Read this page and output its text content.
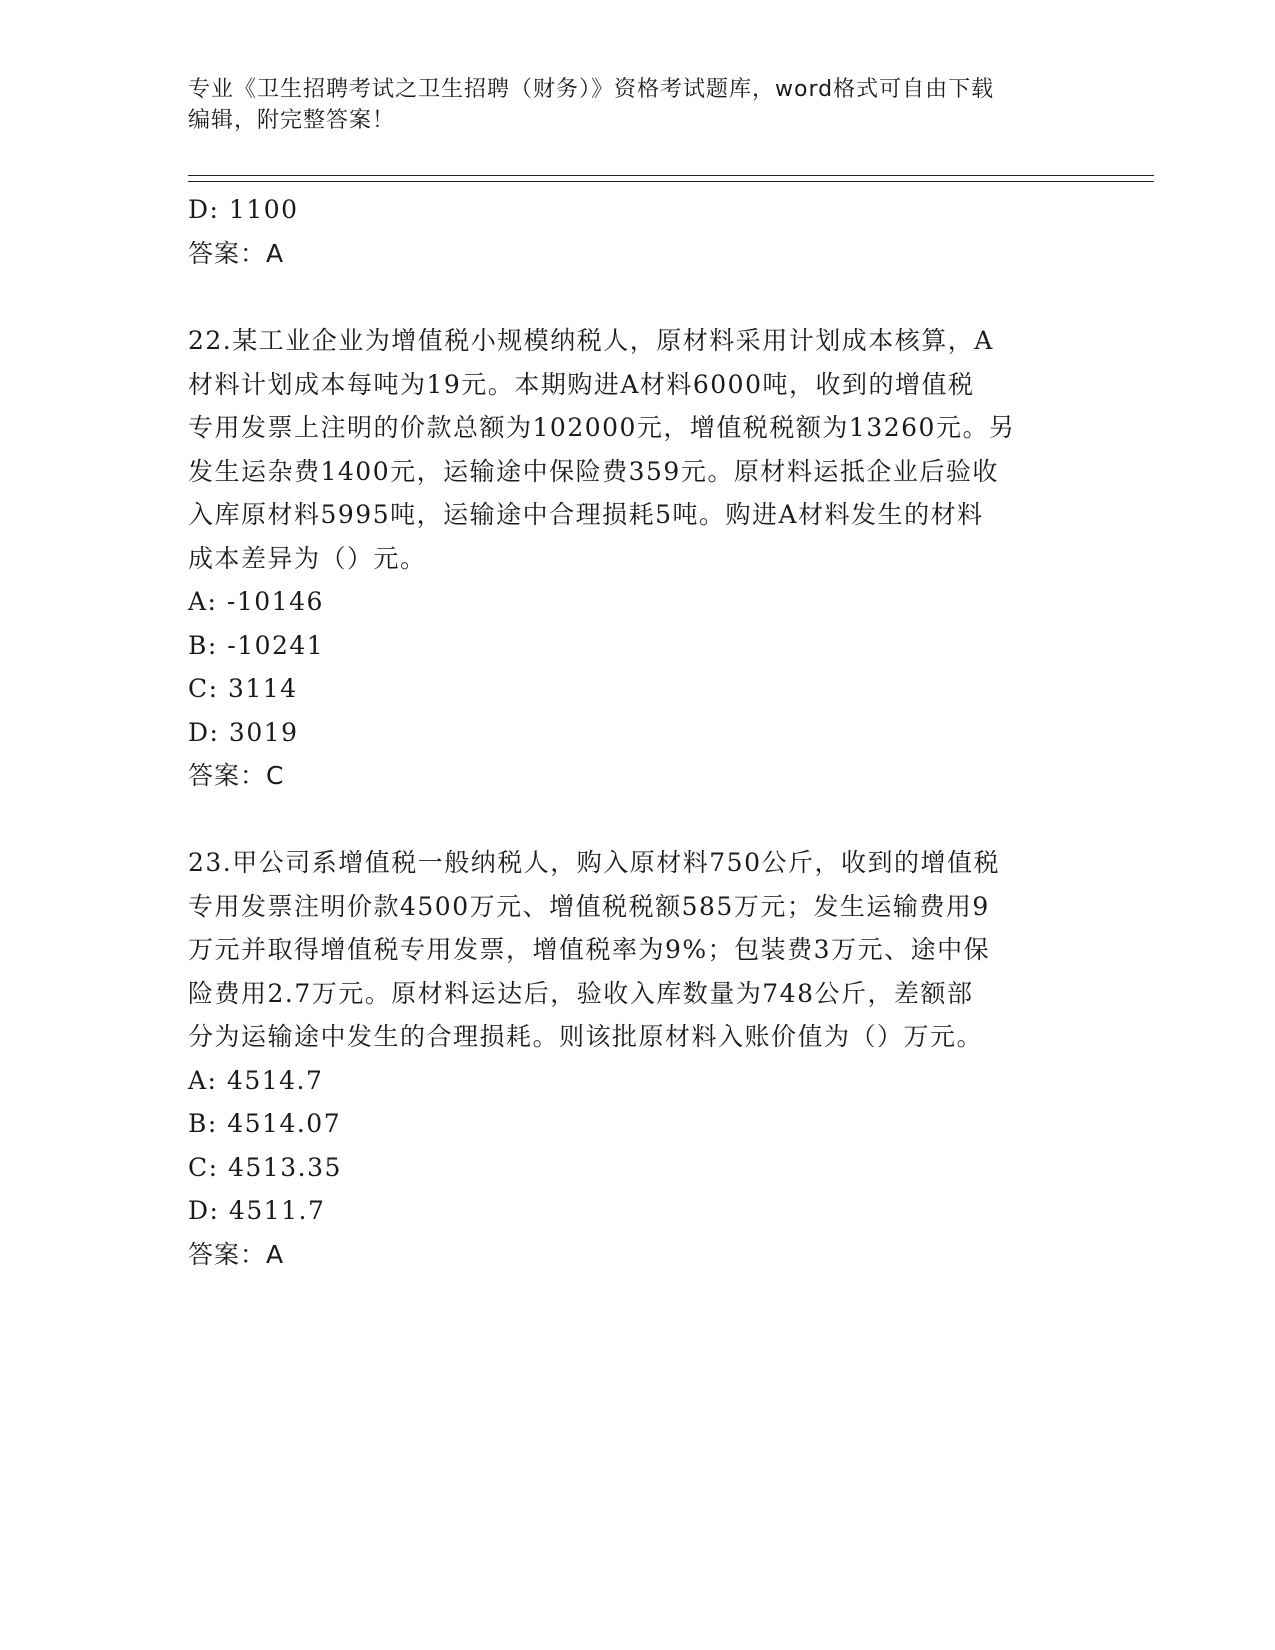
专业《卫生招聘考试之卫生招聘（财务）》资格考试题库，word格式可自由下载
编辑，附完整答案！
D: 1100
答案：A
22.某工业企业为增值税小规模纳税人，原材料采用计划成本核算，A
材料计划成本每吨为19元。本期购进A材料6000吨，收到的增值税
专用发票上注明的价款总额为102000元，增值税税额为13260元。另
发生运杂费1400元，运输途中保险费359元。原材料运抵企业后验收
入库原材料5995吨，运输途中合理损耗5吨。购进A材料发生的材料
成本差异为（）元。
A: -10146
B: -10241
C: 3114
D: 3019
答案：C
23.甲公司系增值税一般纳税人，购入原材料750公斤，收到的增值税
专用发票注明价款4500万元、增值税税额585万元；发生运输费用9
万元并取得增值税专用发票，增值税率为9%；包装费3万元、途中保
险费用2.7万元。原材料运达后，验收入库数量为748公斤，差额部
分为运输途中发生的合理损耗。则该批原材料入账价值为（）万元。
A: 4514.7
B: 4514.07
C: 4513.35
D: 4511.7
答案：A
